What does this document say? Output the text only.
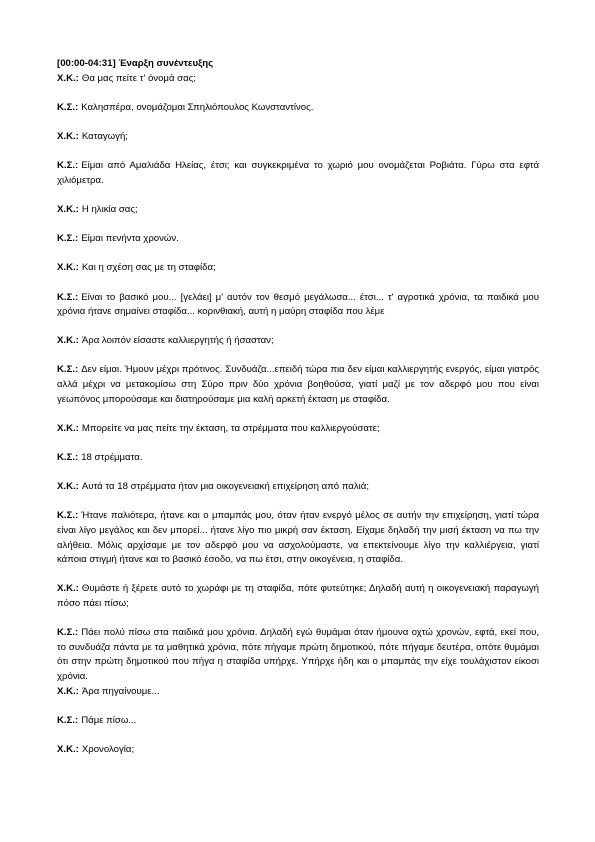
[00:00-04:31] Έναρξη συνέντευξης
Χ.Κ.: Θα μας πείτε τ' όνομά σας;
Κ.Σ.: Καλησπέρα, ονομάζομαι Σπηλιόπουλος Κωνσταντίνος.
Χ.Κ.: Καταγωγή;
Κ.Σ.: Είμαι από Αμαλιάδα Ηλείας, έτσι; και συγκεκριμένα το χωριό μου ονομάζεται Ροβιάτα. Γύρω στα εφτά χιλιόμετρα.
Χ.Κ.: Η ηλικία σας;
Κ.Σ.: Είμαι πενήντα χρονών.
Χ.Κ.: Και η σχέση σας με τη σταφίδα;
Κ.Σ.: Είναι το βασικό μου... [γελάει] μ' αυτόν τον θεσμό μεγάλωσα... έτσι... τ' αγροτικά χρόνια, τα παιδικά μου χρόνια ήτανε σημαίνει σταφίδα... κορινθιακή, αυτή η μαύρη σταφίδα που λέμε
Χ.Κ.: Άρα λοιπόν είσαστε καλλιεργητής ή ήσασταν;
Κ.Σ.: Δεν είμαι. Ήμουν μέχρι πρότινος. Συνδυάζα...επειδή τώρα πια δεν είμαι καλλιεργητής ενεργός, είμαι γιατρός αλλά μέχρι να μετακομίσω στη Σύρο πριν δύο χρόνια βοηθούσα, γιατί μαζί με τον αδερφό μου που είναι γεωπόνος μπορούσαμε και διατηρούσαμε μια καλή αρκετή έκταση με σταφίδα.
Χ.Κ.: Μπορείτε να μας πείτε την έκταση, τα στρέμματα που καλλιεργούσατε;
Κ.Σ.: 18 στρέμματα.
Χ.Κ.: Αυτά τα 18 στρέμματα ήταν μια οικογενειακή επιχείρηση από παλιά;
Κ.Σ.: Ήτανε παλιότερα, ήτανε και ο μπαμπάς μου, όταν ήταν ενεργό μέλος σε αυτήν την επιχείρηση, γιατί τώρα είναι λίγο μεγάλος και δεν μπορεί... ήτανε λίγο πιο μικρή σαν έκταση. Είχαμε δηλαδή την μισή έκταση να πω την αλήθεια. Μόλις αρχίσαμε με τον αδερφό μου να ασχολούμαστε, να επεκτείνουμε λίγο την καλλιέργεια, γιατί κάποια στιγμή ήτανε και το βασικό έσοδο, να πω έτσι, στην οικογένεια, η σταφίδα.
Χ.Κ.: Θυμάστε ή ξέρετε αυτό το χωράφι με τη σταφίδα, πότε φυτεύτηκε; Δηλαδή αυτή η οικογενειακή παραγωγή πόσο πάει πίσω;
Κ.Σ.: Πάει πολύ πίσω στα παιδικά μου χρόνια. Δηλαδή εγώ θυμάμαι όταν ήμουνα οχτώ χρονών, εφτά, εκεί που, το συνδυάζα πάντα με τα μαθητικά χρόνια, πότε πήγαμε πρώτη δημοτικού, πότε πήγαμε δευτέρα, οπότε θυμάμαι ότι στην πρώτη δημοτικού που πήγα η σταφίδα υπήρχε. Υπήρχε ήδη και ο μπαμπάς την είχε τουλάχιστον είκοσι χρόνια.
Χ.Κ.: Άρα πηγαίνουμε...
Κ.Σ.: Πάμε πίσω...
Χ.Κ.: Χρονολογία;
